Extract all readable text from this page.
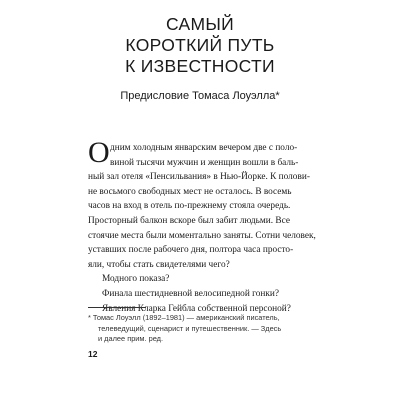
САМЫЙ
КОРОТКИЙ ПУТЬ
К ИЗВЕСТНОСТИ
Предисловие Томаса Лоуэлла*
О дним холодным январским вечером две с поло-
виной тысячи мужчин и женщин вошли в баль-
ный зал отеля «Пенсильвания» в Нью-Йорке. К полови-
не восьмого свободных мест не осталось. В восемь
часов на вход в отель по-прежнему стояла очередь.
Просторный балкон вскоре был забит людьми. Все
стоячие места были моментально заняты. Сотни человек,
уставших после рабочего дня, полтора часа просто-
яли, чтобы стать свидетелями чего?
Модного показа?
Финала шестидневной велосипедной гонки?
Явления Кларка Гейбла собственной персоной?
* Томас Лоуэлл (1892–1981) — американский писатель,
телеведущий, сценарист и путешественник. — Здесь
и далее прим. ред.
12
